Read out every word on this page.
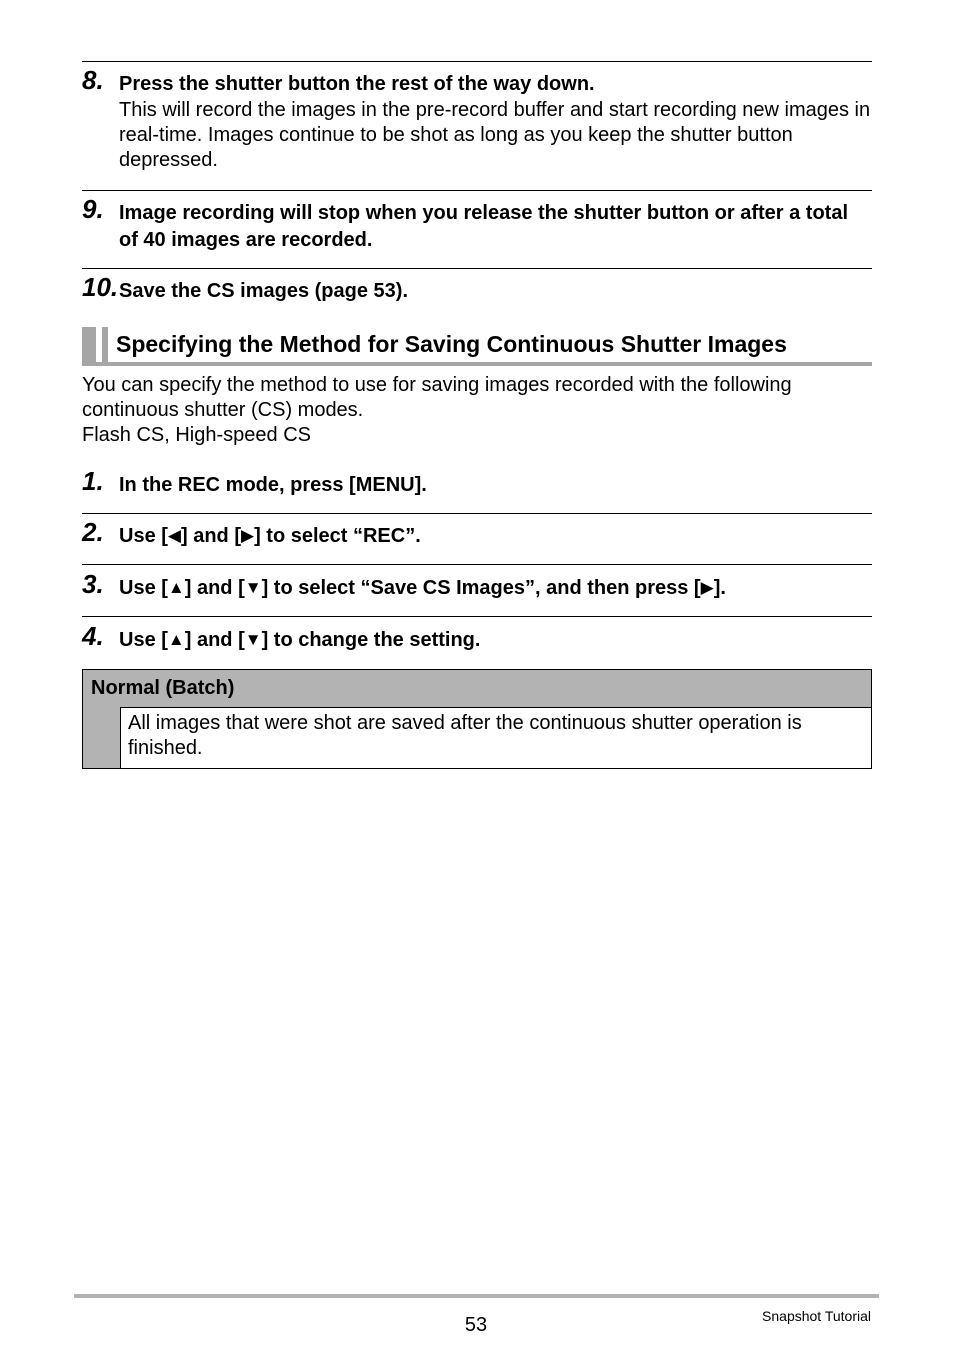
8. Press the shutter button the rest of the way down.
This will record the images in the pre-record buffer and start recording new images in real-time. Images continue to be shot as long as you keep the shutter button depressed.
9. Image recording will stop when you release the shutter button or after a total of 40 images are recorded.
10. Save the CS images (page 53).
Specifying the Method for Saving Continuous Shutter Images
You can specify the method to use for saving images recorded with the following continuous shutter (CS) modes.
Flash CS, High-speed CS
1. In the REC mode, press [MENU].
2. Use [◀] and [▶] to select “REC”.
3. Use [▲] and [▼] to select “Save CS Images”, and then press [▶].
4. Use [▲] and [▼] to change the setting.
Normal (Batch)
All images that were shot are saved after the continuous shutter operation is finished.
53	Snapshot Tutorial
